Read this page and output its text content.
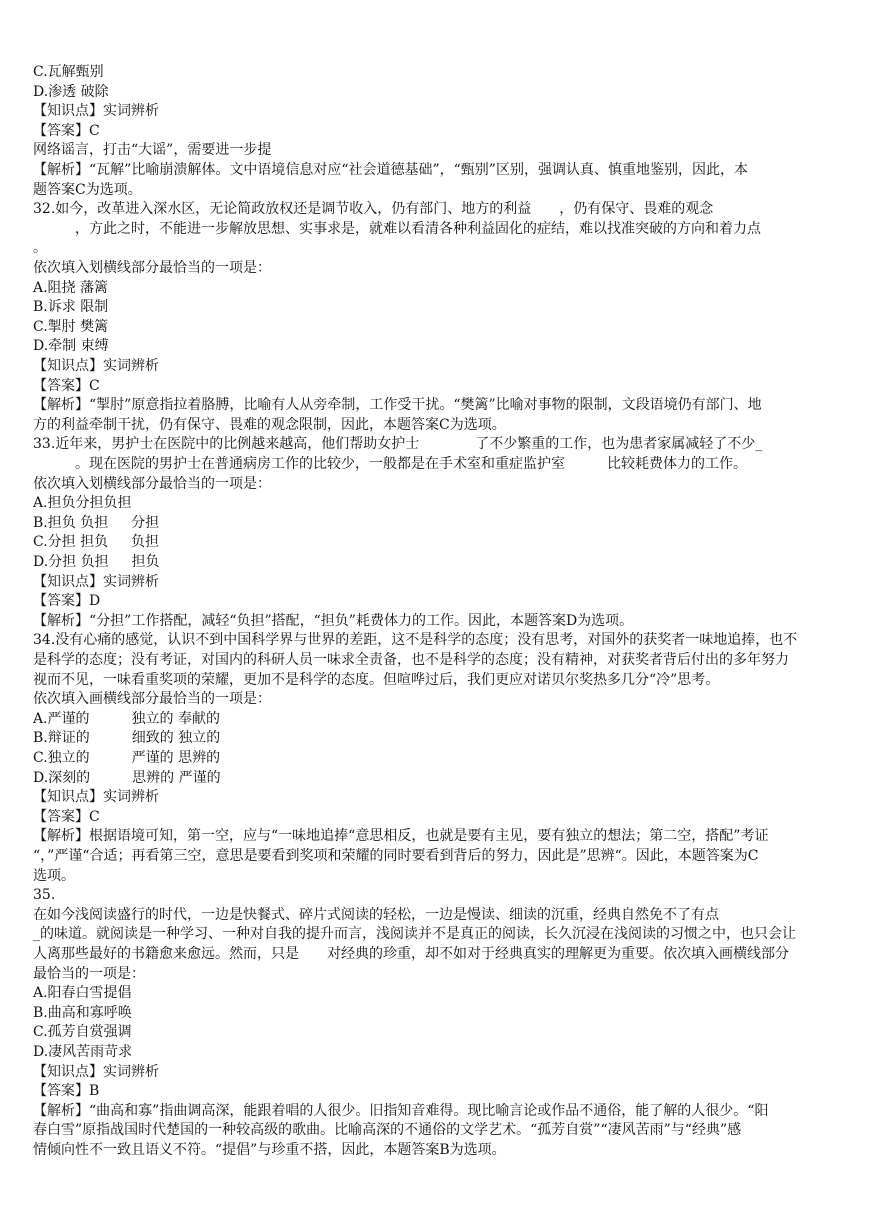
C.瓦解甄别
D.渗透 破除
【知识点】实词辨析
【答案】C
网络谣言，打击“大谣”，需要进一步提
【解析】“瓦解”比喻崩溃解体。文中语境信息对应“社会道德基础”，“甄别”区别，强调认真、慎重地鉴别，因此，本
题答案C为选项。
32.如今，改革进入深水区，无论简政放权还是调节收入，仍有部门、地方的利益　　，仍有保守、畏难的观念
　　　，方此之时，不能进一步解放思想、实事求是，就难以看清各种利益固化的症结，难以找准突破的方向和着力点
。
依次填入划横线部分最恰当的一项是：
A.阻挠 藩篱
B.诉求 限制
C.掣肘 樊篱
D.牵制 束缚
【知识点】实词辨析
【答案】C
【解析】“掣肘”原意指拉着胳膊，比喻有人从旁牵制，工作受干扰。“樊篱”比喻对事物的限制，文段语境仍有部门、地
方的利益牵制干扰，仍有保守、畏难的观念限制，因此，本题答案C为选项。
33.近年来，男护士在医院中的比例越来越高，他们帮助女护士　　　　了不少繁重的工作，也为患者家属减轻了不少_
　　　。现在医院的男护士在普通病房工作的比较少，一般都是在手术室和重症监护室　　　比较耗费体力的工作。
依次填入划横线部分最恰当的一项是：
A.担负分担负担
B.担负 负担　  分担
C.分担 担负　  负担
D.分担 负担　  担负
【知识点】实词辨析
【答案】D
【解析】“分担”工作搭配，减轻“负担”搭配，“担负”耗费体力的工作。因此，本题答案D为选项。
34.没有心痛的感觉，认识不到中国科学界与世界的差距，这不是科学的态度；没有思考，对国外的获奖者一味地追捧，也不
是科学的态度；没有考证，对国内的科研人员一味求全责备，也不是科学的态度；没有精神，对获奖者背后付出的多年努力
视而不见，一味看重奖项的荣耀，更加不是科学的态度。但喧哗过后，我们更应对诺贝尔奖热多几分“冷”思考。
依次填入画横线部分最恰当的一项是：
A.严谨的　　　独立的 奉献的
B.辩证的　　　细致的 独立的
C.独立的　　　严谨的 思辨的
D.深刻的　　　思辨的 严谨的
【知识点】实词辨析
【答案】C
【解析】根据语境可知，第一空，应与“一味地追捧“意思相反，也就是要有主见，要有独立的想法；第二空，搭配”考证
“，”严谨“合适；再看第三空，意思是要看到奖项和荣耀的同时要看到背后的努力，因此是”思辨“。因此，本题答案为C
选项。
35.
在如今浅阅读盛行的时代，一边是快餐式、碎片式阅读的轻松，一边是慢读、细读的沉重，经典自然免不了有点
_的味道。就阅读是一种学习、一种对自我的提升而言，浅阅读并不是真正的阅读，长久沉浸在浅阅读的习惯之中，也只会让
人离那些最好的书籍愈来愈远。然而，只是　　对经典的珍重，却不如对于经典真实的理解更为重要。依次填入画横线部分
最恰当的一项是：
A.阳春白雪提倡
B.曲高和寡呼唤
C.孤芳自赏强调
D.凄风苦雨苛求
【知识点】实词辨析
【答案】B
【解析】“曲高和寡”指曲调高深，能跟着唱的人很少。旧指知音难得。现比喻言论或作品不通俗，能了解的人很少。“阳
春白雪”原指战国时代楚国的一种较高级的歌曲。比喻高深的不通俗的文学艺术。“孤芳自赏”“凄风苦雨”与“经典”感
情倾向性不一致且语义不符。“提倡”与珍重不搭，因此，本题答案B为选项。
